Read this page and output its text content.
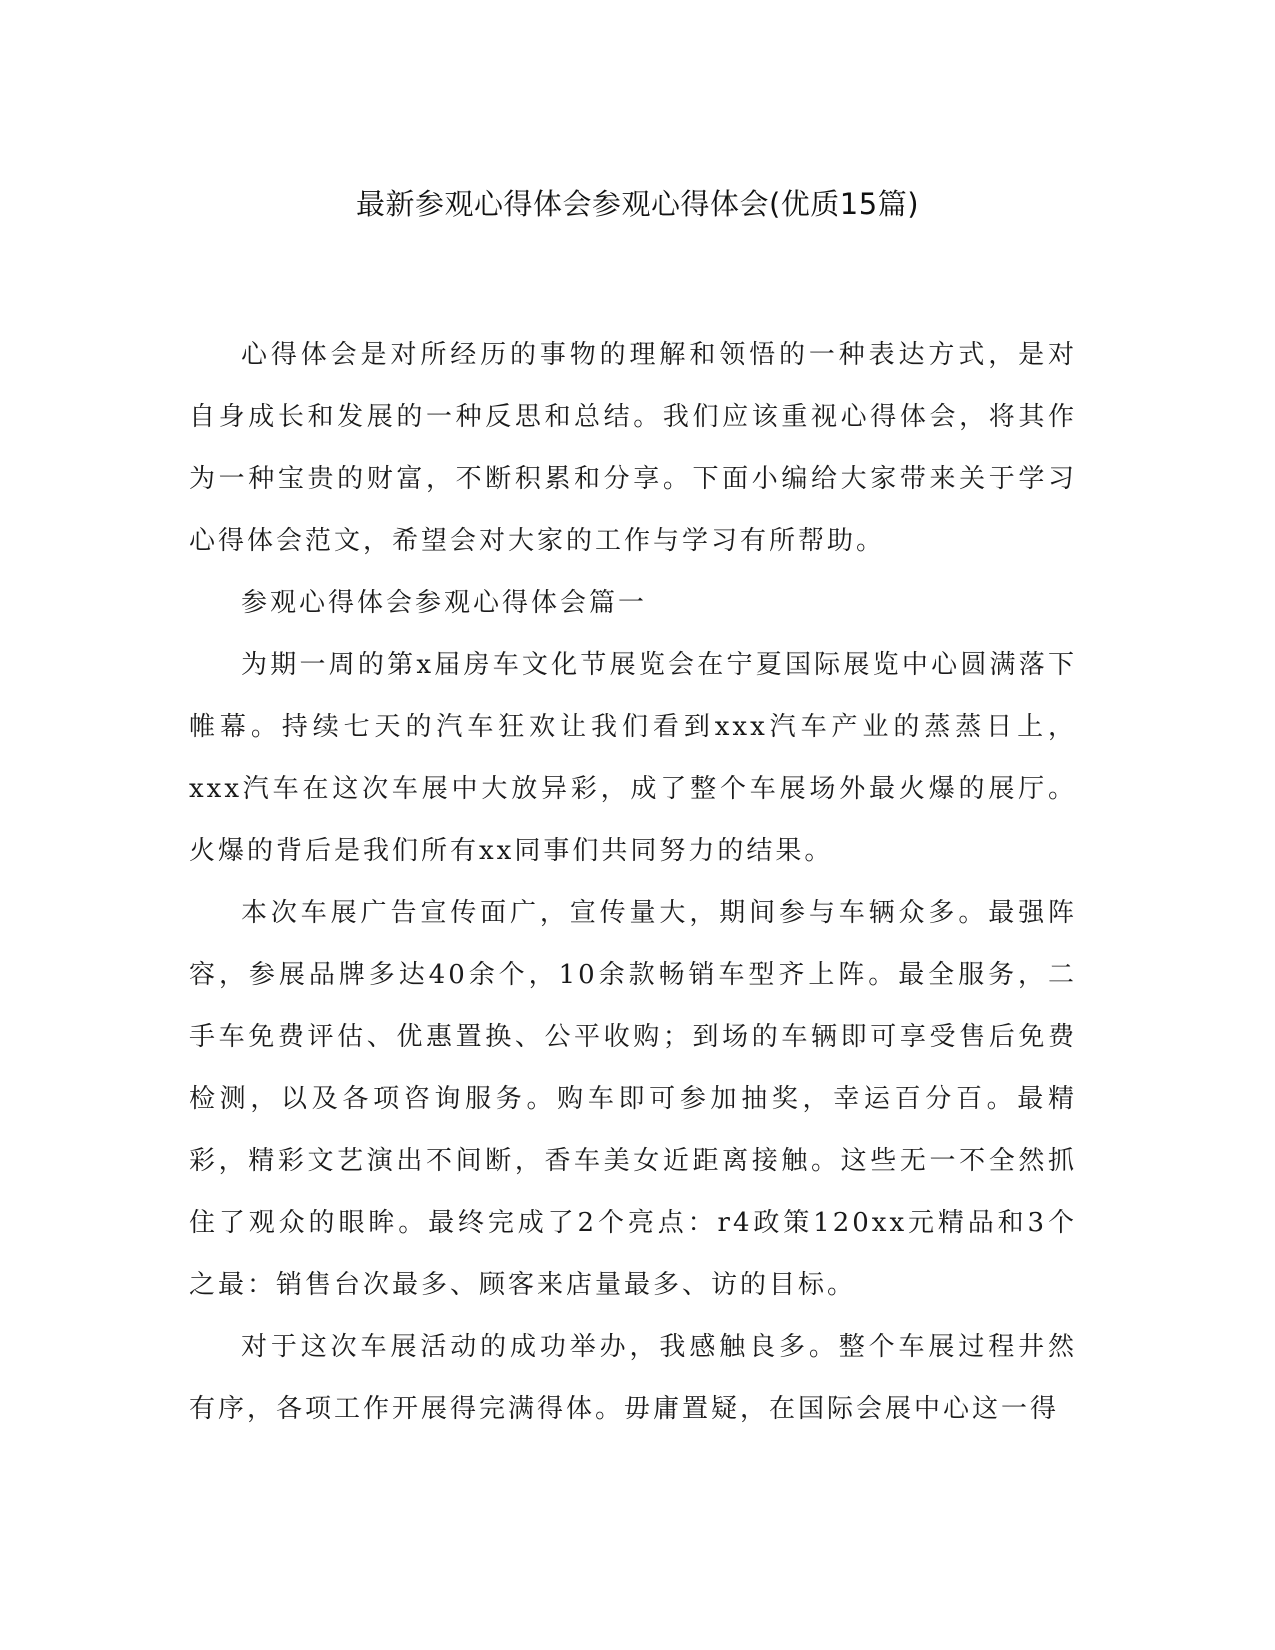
最新参观心得体会参观心得体会(优质15篇)

心得体会是对所经历的事物的理解和领悟的一种表达方式，是对自身成长和发展的一种反思和总结。我们应该重视心得体会，将其作为一种宝贵的财富，不断积累和分享。下面小编给大家带来关于学习心得体会范文，希望会对大家的工作与学习有所帮助。

参观心得体会参观心得体会篇一

为期一周的第x届房车文化节展览会在宁夏国际展览中心圆满落下帷幕。持续七天的汽车狂欢让我们看到xxx汽车产业的蒸蒸日上，xxx汽车在这次车展中大放异彩，成了整个车展场外最火爆的展厅。火爆的背后是我们所有xx同事们共同努力的结果。

本次车展广告宣传面广，宣传量大，期间参与车辆众多。最强阵容，参展品牌多达40余个，10余款畅销车型齐上阵。最全服务，二手车免费评估、优惠置换、公平收购；到场的车辆即可享受售后免费检测，以及各项咨询服务。购车即可参加抽奖，幸运百分百。最精彩，精彩文艺演出不间断，香车美女近距离接触。这些无一不全然抓住了观众的眼眸。最终完成了2个亮点：r4政策120xx元精品和3个之最：销售台次最多、顾客来店量最多、访的目标。

对于这次车展活动的成功举办，我感触良多。整个车展过程井然有序，各项工作开展得完满得体。毋庸置疑，在国际会展中心这一得
